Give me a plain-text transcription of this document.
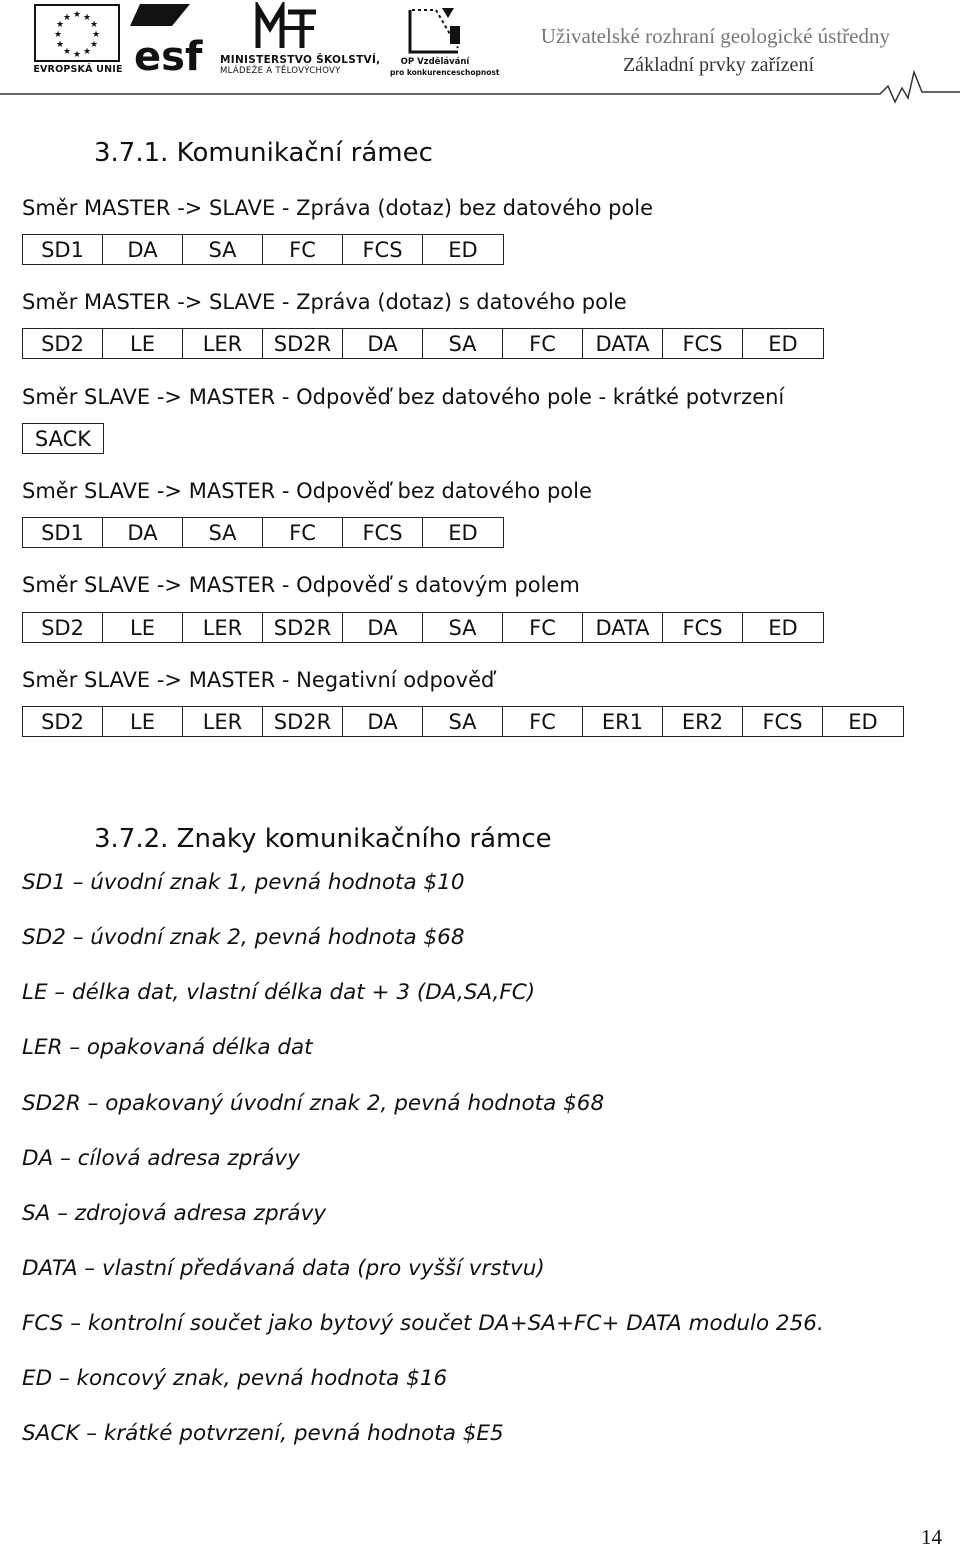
★ ★
★
★
★
★
★
★
★
★
★
★
EVROPSKÁ UNIE esf MINISTERSTVO ŠKOLSTVÍ,
MLÁDEŽE A TĚLOVÝCHOVY
OP Vzdělávání
pro konkurenceschopnost
Uživatelské rozhraní geologické ústředny
Základní prvky zařízení
3.7.1. Komunikační rámec
Směr MASTER -> SLAVE - Zpráva (dotaz) bez datového pole
SD1	DA	SA	FC	FCS	ED
Směr MASTER -> SLAVE - Zpráva (dotaz) s datového pole
SD2	LE	LER	SD2R	DA	SA	FC	DATA	FCS	ED
Směr SLAVE -> MASTER - Odpověď bez datového pole - krátké potvrzení
SACK
Směr SLAVE -> MASTER - Odpověď bez datového pole
SD1	DA	SA	FC	FCS	ED
Směr SLAVE -> MASTER - Odpověď s datovým polem
SD2	LE	LER	SD2R	DA	SA	FC	DATA	FCS	ED
Směr SLAVE -> MASTER - Negativní odpověď
SD2	LE	LER	SD2R	DA	SA	FC	ER1	ER2	FCS	ED
3.7.2. Znaky komunikačního rámce
SD1 – úvodní znak 1, pevná hodnota $10
SD2 – úvodní znak 2, pevná hodnota $68
LE – délka dat, vlastní délka dat + 3 (DA,SA,FC)
LER – opakovaná délka dat
SD2R – opakovaný úvodní znak 2, pevná hodnota $68
DA – cílová adresa zprávy
SA – zdrojová adresa zprávy
DATA – vlastní předávaná data (pro vyšší vrstvu)
FCS – kontrolní součet jako bytový součet DA+SA+FC+ DATA modulo 256.
ED – koncový znak, pevná hodnota $16
SACK – krátké potvrzení, pevná hodnota $E5
14
